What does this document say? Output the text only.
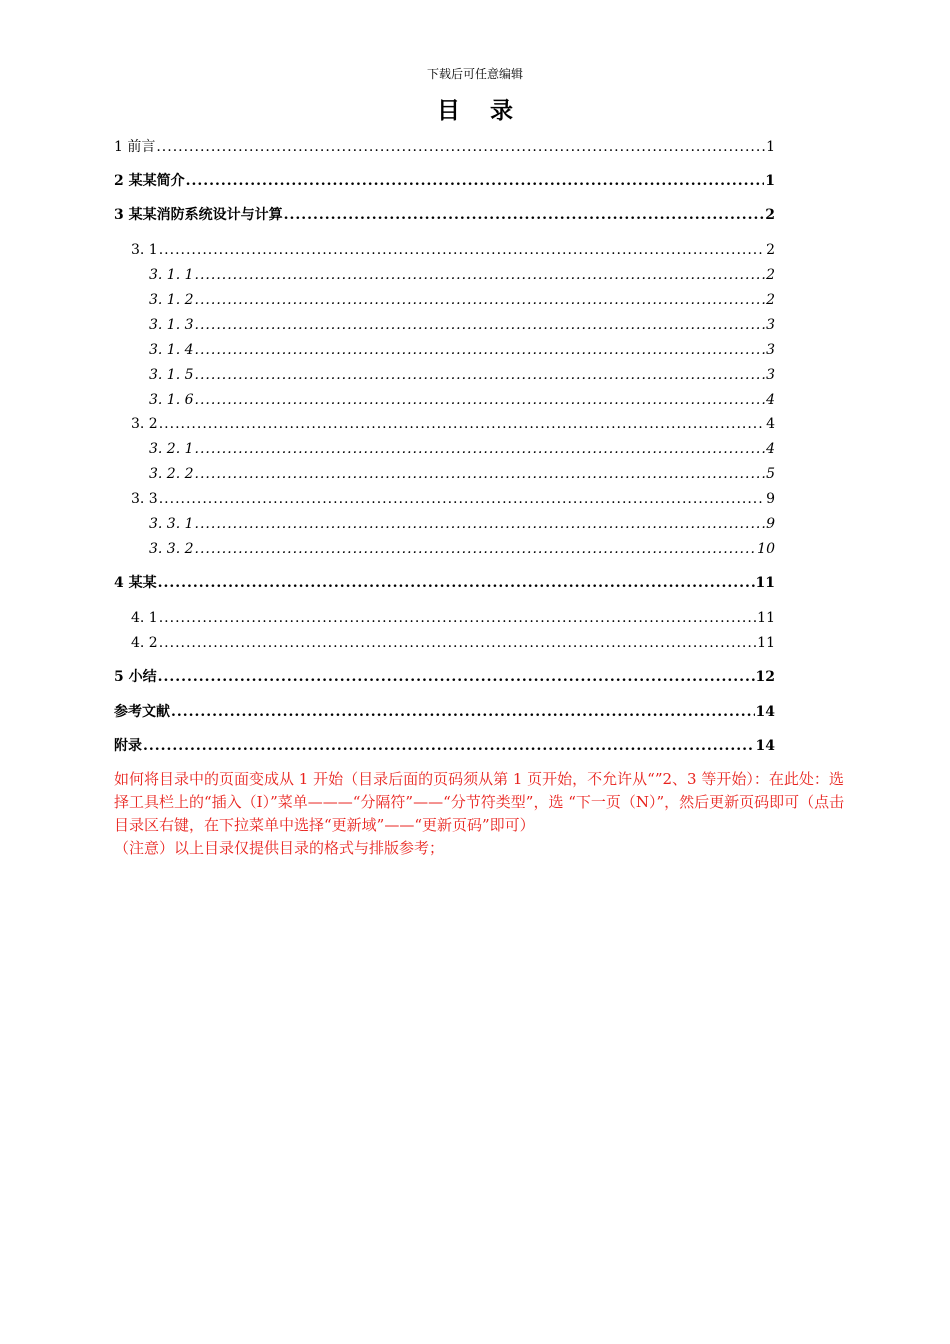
下载后可任意编辑
目录
1 前言 .....	1
2 某某简介 .....	1
3 某某消防系统设计与计算 .....	2
3. 1 .....	2
3. 1. 1 .....	2
3. 1. 2 .....	2
3. 1. 3 .....	3
3. 1. 4 .....	3
3. 1. 5 .....	3
3. 1. 6 .....	4
3. 2 .....	4
3. 2. 1 .....	4
3. 2. 2 .....	5
3. 3 .....	9
3. 3. 1 .....	9
3. 3. 2 .....	10
4 某某 .....	11
4. 1 .....	11
4. 2 .....	11
5 小结 .....	12
参考文献 .....	14
附录 .....	14

如何将目录中的页面变成从 1 开始（目录后面的页码须从第 1 页开始，不允许从“”2、3 等开始）：在此处：选择工具栏上的“插入（I）”菜单———“分隔符”——“分节符类型”，选 “下一页（N）”，然后更新页码即可（点击目录区右键，在下拉菜单中选择“更新域”——“更新页码”即可）

（注意）以上目录仅提供目录的格式与排版参考；
